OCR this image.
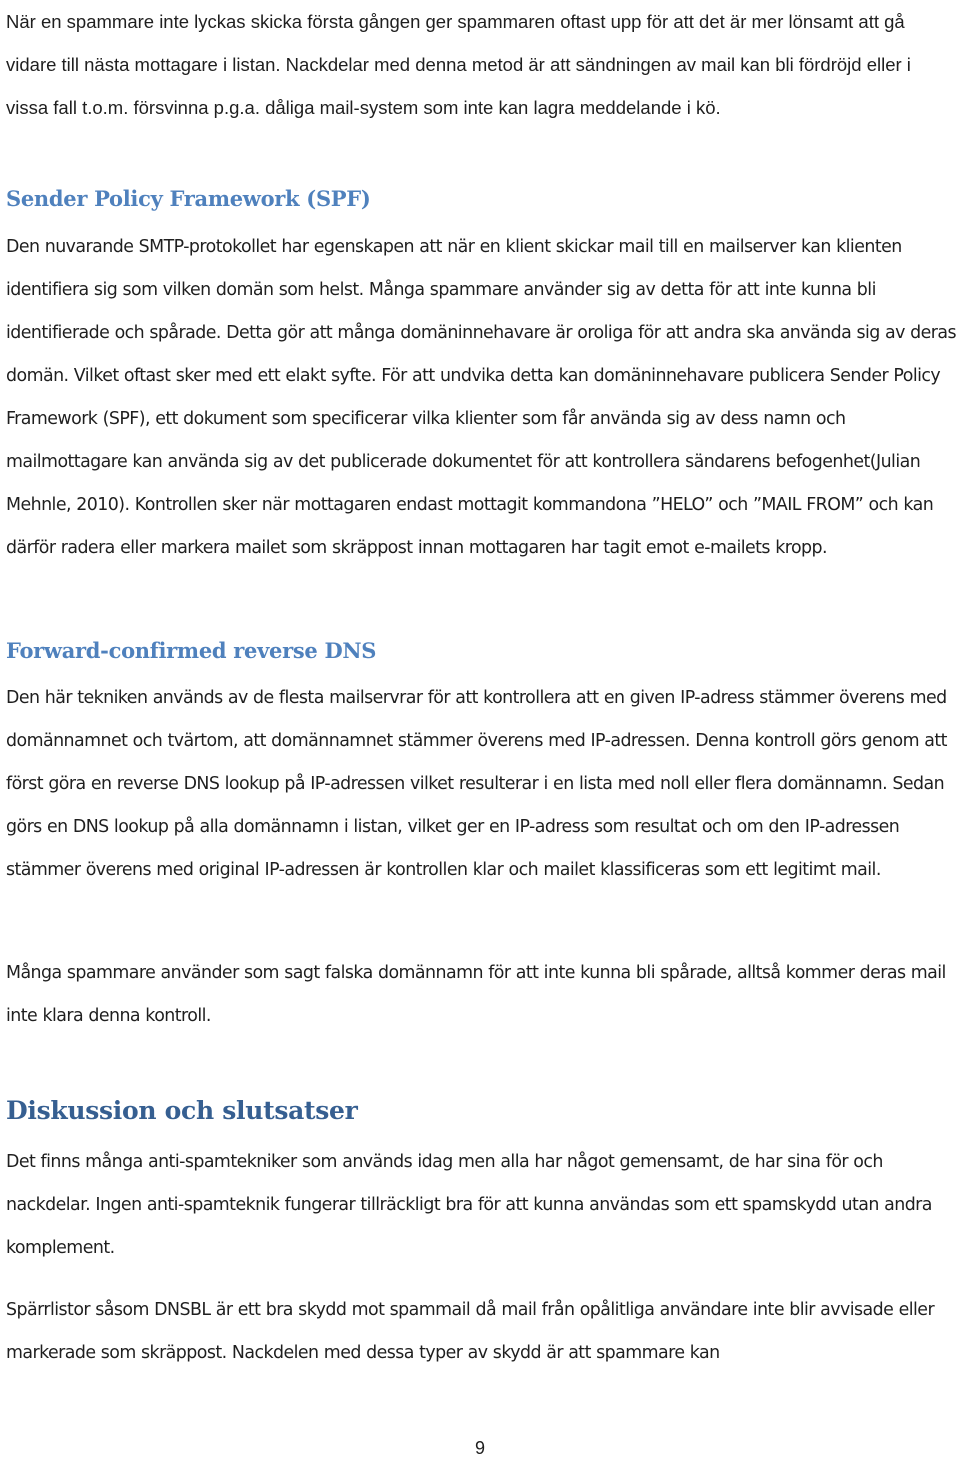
När en spammare inte lyckas skicka första gången ger spammaren oftast upp för att det är mer lönsamt att gå vidare till nästa mottagare i listan. Nackdelar med denna metod är att sändningen av mail kan bli fördröjd eller i vissa fall t.o.m. försvinna p.g.a. dåliga mail-system som inte kan lagra meddelande i kö.

Sender Policy Framework (SPF)

Den nuvarande SMTP-protokollet har egenskapen att när en klient skickar mail till en mailserver kan klienten identifiera sig som vilken domän som helst. Många spammare använder sig av detta för att inte kunna bli identifierade och spårade. Detta gör att många domäninnehavare är oroliga för att andra ska använda sig av deras domän. Vilket oftast sker med ett elakt syfte. För att undvika detta kan domäninnehavare publicera Sender Policy Framework (SPF), ett dokument som specificerar vilka klienter som får använda sig av dess namn och mailmottagare kan använda sig av det publicerade dokumentet för att kontrollera sändarens befogenhet(Julian Mehnle, 2010). Kontrollen sker när mottagaren endast mottagit kommandona ”HELO” och ”MAIL FROM” och kan därför radera eller markera mailet som skräppost innan mottagaren har tagit emot e-mailets kropp.

Forward-confirmed reverse DNS

Den här tekniken används av de flesta mailservrar för att kontrollera att en given IP-adress stämmer överens med domännamnet och tvärtom, att domännamnet stämmer överens med IP-adressen. Denna kontroll görs genom att först göra en reverse DNS lookup på IP-adressen vilket resulterar i en lista med noll eller flera domännamn. Sedan görs en DNS lookup på alla domännamn i listan, vilket ger en IP-adress som resultat och om den IP-adressen stämmer överens med original IP-adressen är kontrollen klar och mailet klassificeras som ett legitimt mail.

Många spammare använder som sagt falska domännamn för att inte kunna bli spårade, alltså kommer deras mail inte klara denna kontroll.

Diskussion och slutsatser

Det finns många anti-spamtekniker som används idag men alla har något gemensamt, de har sina för och nackdelar. Ingen anti-spamteknik fungerar tillräckligt bra för att kunna användas som ett spamskydd utan andra komplement.

Spärrlistor såsom DNSBL är ett bra skydd mot spammail då mail från opålitliga användare inte blir avvisade eller markerade som skräppost. Nackdelen med dessa typer av skydd är att spammare kan

9
